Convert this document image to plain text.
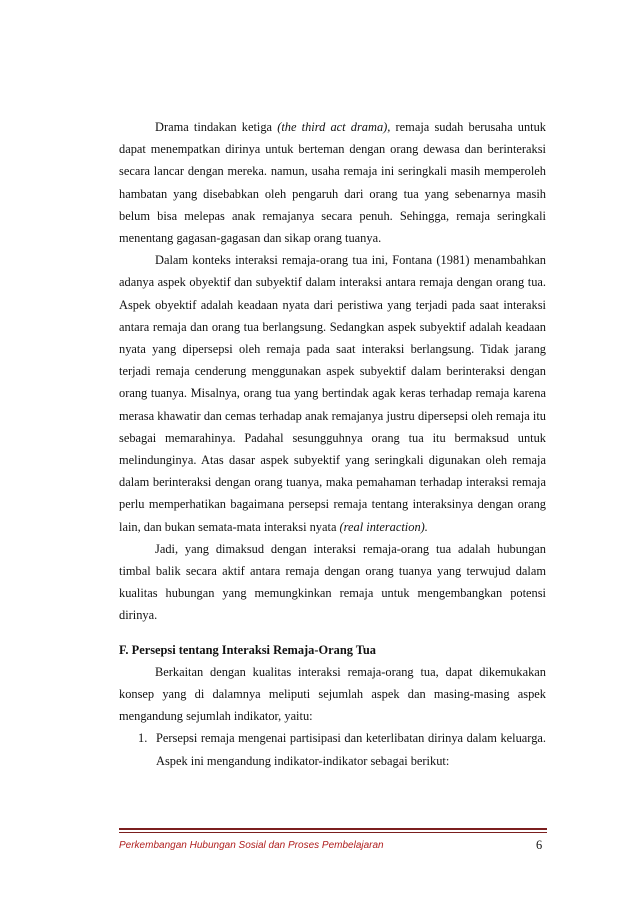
Drama tindakan ketiga (the third act drama), remaja sudah berusaha untuk dapat menempatkan dirinya untuk berteman dengan orang dewasa dan berinteraksi secara lancar dengan mereka. namun, usaha remaja ini seringkali masih memperoleh hambatan yang disebabkan oleh pengaruh dari orang tua yang sebenarnya masih belum bisa melepas anak remajanya secara penuh. Sehingga, remaja seringkali menentang gagasan-gagasan dan sikap orang tuanya.

Dalam konteks interaksi remaja-orang tua ini, Fontana (1981) menambahkan adanya aspek obyektif dan subyektif dalam interaksi antara remaja dengan orang tua. Aspek obyektif adalah keadaan nyata dari peristiwa yang terjadi pada saat interaksi antara remaja dan orang tua berlangsung. Sedangkan aspek subyektif adalah keadaan nyata yang dipersepsi oleh remaja pada saat interaksi berlangsung. Tidak jarang terjadi remaja cenderung menggunakan aspek subyektif dalam berinteraksi dengan orang tuanya. Misalnya, orang tua yang bertindak agak keras terhadap remaja karena merasa khawatir dan cemas terhadap anak remajanya justru dipersepsi oleh remaja itu sebagai memarahinya. Padahal sesungguhnya orang tua itu bermaksud untuk melindunginya. Atas dasar aspek subyektif yang seringkali digunakan oleh remaja dalam berinteraksi dengan orang tuanya, maka pemahaman terhadap interaksi remaja perlu memperhatikan bagaimana persepsi remaja tentang interaksinya dengan orang lain, dan bukan semata-mata interaksi nyata (real interaction).

Jadi, yang dimaksud dengan interaksi remaja-orang tua adalah hubungan timbal balik secara aktif antara remaja dengan orang tuanya yang terwujud dalam kualitas hubungan yang memungkinkan remaja untuk mengembangkan potensi dirinya.

F. Persepsi tentang Interaksi Remaja-Orang Tua

Berkaitan dengan kualitas interaksi remaja-orang tua, dapat dikemukakan konsep yang di dalamnya meliputi sejumlah aspek dan masing-masing aspek mengandung sejumlah indikator, yaitu:

1. Persepsi remaja mengenai partisipasi dan keterlibatan dirinya dalam keluarga. Aspek ini mengandung indikator-indikator sebagai berikut:

Perkembangan Hubungan Sosial dan Proses Pembelajaran	6
